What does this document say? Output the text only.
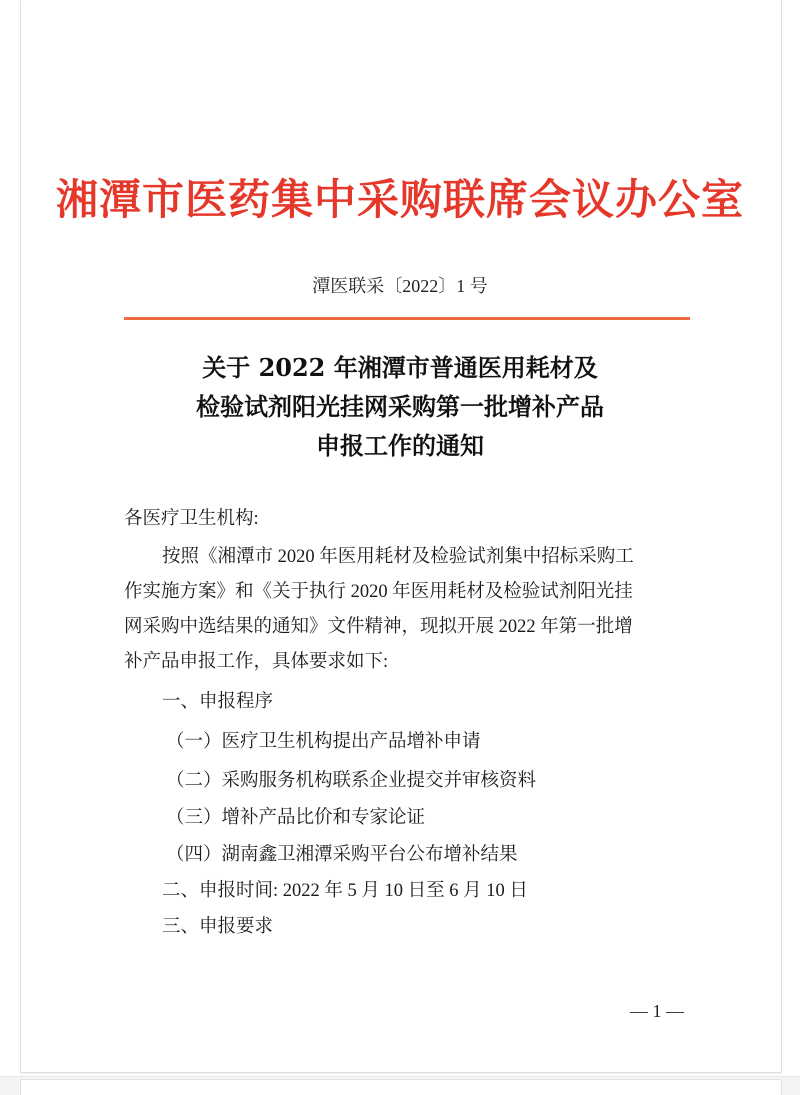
湘潭市医药集中采购联席会议办公室
潭医联采〔2022〕1 号
关于 2022 年湘潭市普通医用耗材及
检验试剂阳光挂网采购第一批增补产品
申报工作的通知
各医疗卫生机构:
按照《湘潭市 2020 年医用耗材及检验试剂集中招标采购工
作实施方案》和《关于执行 2020 年医用耗材及检验试剂阳光挂
网采购中选结果的通知》文件精神，现拟开展 2022 年第一批增
补产品申报工作，具体要求如下:
一、申报程序
（一）医疗卫生机构提出产品增补申请
（二）采购服务机构联系企业提交并审核资料
（三）增补产品比价和专家论证
（四）湖南鑫卫湘潭采购平台公布增补结果
二、申报时间: 2022 年 5 月 10 日至 6 月 10 日
三、申报要求
— 1 —
